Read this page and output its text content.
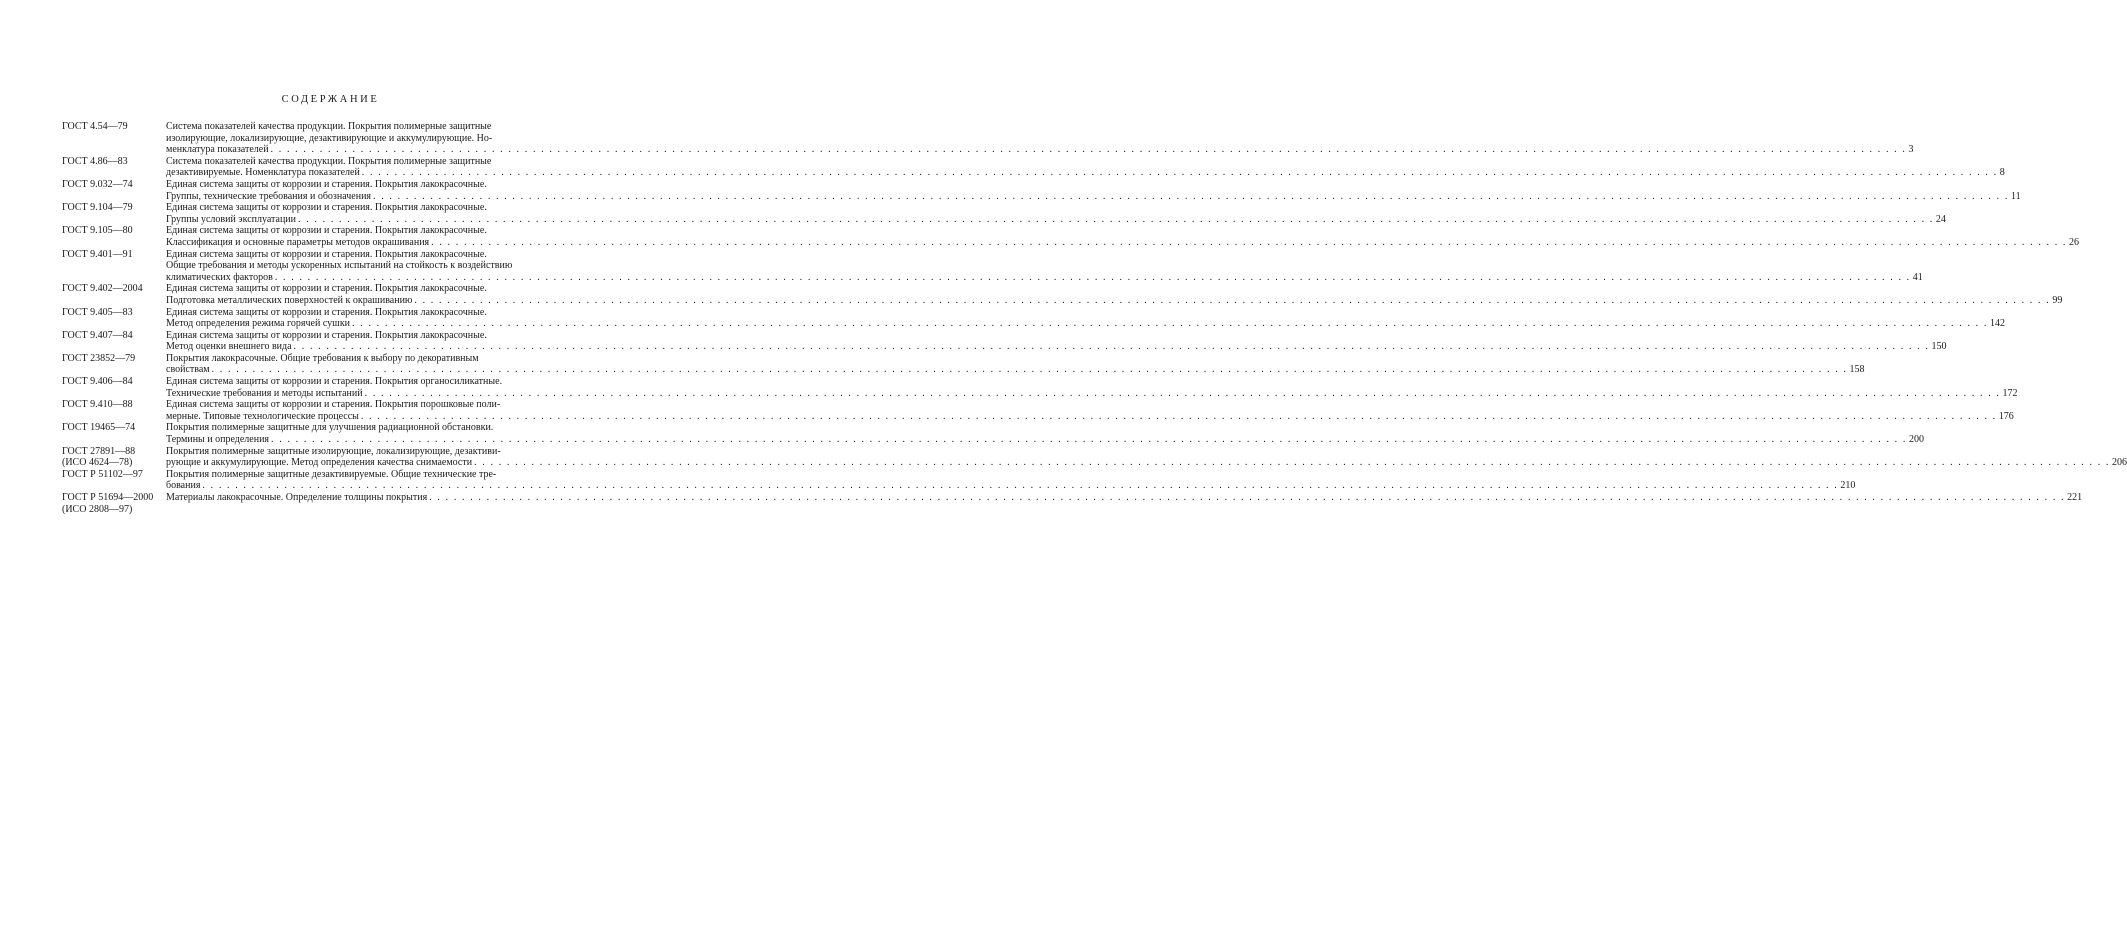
СОДЕРЖАНИЕ
ГОСТ 4.54—79	Система показателей качества продукции. Покрытия полимерные защитные
изолирующие, локализирующие, дезактивирующие и аккумулирующие. Но-
менклатура показателей . . . . . . . . . . . . . . . . . . . . . . . . . . . . . . . . . . . . . . . . . . . . . . . . . . . . . . . . . . . . . . . . . . . . . . . . . . . . . . . . . . . . . . . . . . . . . . . . . . . . . . . . . . . . . . . . . . . . . . . . . . . . . . . . . . . . . . . . . . . . . . . . . . . . . . . . . . . . . . . . . . . . . . . . . . . . . . . . . . . . . . . . . . . . . . . . . . . . . . . . 3
ГОСТ 4.86—83	Система показателей качества продукции. Покрытия полимерные защитные
дезактивируемые. Номенклатура показателей . . . . . . . . . . . . . . . . . . . . . . . . . . . . . . . . . . . . . . . . . . . . . . . . . . . . . . . . . . . . . . . . . . . . . . . . . . . . . . . . . . . . . . . . . . . . . . . . . . . . . . . . . . . . . . . . . . . . . . . . . . . . . . . . . . . . . . . . . . . . . . . . . . . . . . . . . . . . . . . . . . . . . . . . . . . . . . . . . . . . . . . . . . . . . . . . . . . . . . . . 8
ГОСТ 9.032—74	Единая система защиты от коррозии и старения. Покрытия лакокрасочные.
Группы, технические требования и обозначения . . . . . . . . . . . . . . . . . . . . . . . . . . . . . . . . . . . . . . . . . . . . . . . . . . . . . . . . . . . . . . . . . . . . . . . . . . . . . . . . . . . . . . . . . . . . . . . . . . . . . . . . . . . . . . . . . . . . . . . . . . . . . . . . . . . . . . . . . . . . . . . . . . . . . . . . . . . . . . . . . . . . . . . . . . . . . . . . . . . . . . . . . . . . . . . . . . . . . . . . 11
ГОСТ 9.104—79	Единая система защиты от коррозии и старения. Покрытия лакокрасочные.
Группы условий эксплуатации . . . . . . . . . . . . . . . . . . . . . . . . . . . . . . . . . . . . . . . . . . . . . . . . . . . . . . . . . . . . . . . . . . . . . . . . . . . . . . . . . . . . . . . . . . . . . . . . . . . . . . . . . . . . . . . . . . . . . . . . . . . . . . . . . . . . . . . . . . . . . . . . . . . . . . . . . . . . . . . . . . . . . . . . . . . . . . . . . . . . . . . . . . . . . . . . . . . . . . . . 24
ГОСТ 9.105—80	Единая система защиты от коррозии и старения. Покрытия лакокрасочные.
Классификация и основные параметры методов окрашивания . . . . . . . . . . . . . . . . . . . . . . . . . . . . . . . . . . . . . . . . . . . . . . . . . . . . . . . . . . . . . . . . . . . . . . . . . . . . . . . . . . . . . . . . . . . . . . . . . . . . . . . . . . . . . . . . . . . . . . . . . . . . . . . . . . . . . . . . . . . . . . . . . . . . . . . . . . . . . . . . . . . . . . . . . . . . . . . . . . . . . . . . . . . . . . . . . . . . . . . . 26
ГОСТ 9.401—91	Единая система защиты от коррозии и старения. Покрытия лакокрасочные.
Общие требования и методы ускоренных испытаний на стойкость к воздействию
климатических факторов . . . . . . . . . . . . . . . . . . . . . . . . . . . . . . . . . . . . . . . . . . . . . . . . . . . . . . . . . . . . . . . . . . . . . . . . . . . . . . . . . . . . . . . . . . . . . . . . . . . . . . . . . . . . . . . . . . . . . . . . . . . . . . . . . . . . . . . . . . . . . . . . . . . . . . . . . . . . . . . . . . . . . . . . . . . . . . . . . . . . . . . . . . . . . . . . . . . . . . . . 41
ГОСТ 9.402—2004	Единая система защиты от коррозии и старения. Покрытия лакокрасочные.
Подготовка металлических поверхностей к окрашиванию . . . . . . . . . . . . . . . . . . . . . . . . . . . . . . . . . . . . . . . . . . . . . . . . . . . . . . . . . . . . . . . . . . . . . . . . . . . . . . . . . . . . . . . . . . . . . . . . . . . . . . . . . . . . . . . . . . . . . . . . . . . . . . . . . . . . . . . . . . . . . . . . . . . . . . . . . . . . . . . . . . . . . . . . . . . . . . . . . . . . . . . . . . . . . . . . . . . . . . . . 99
ГОСТ 9.405—83	Единая система защиты от коррозии и старения. Покрытия лакокрасочные.
Метод определения режима горячей сушки . . . . . . . . . . . . . . . . . . . . . . . . . . . . . . . . . . . . . . . . . . . . . . . . . . . . . . . . . . . . . . . . . . . . . . . . . . . . . . . . . . . . . . . . . . . . . . . . . . . . . . . . . . . . . . . . . . . . . . . . . . . . . . . . . . . . . . . . . . . . . . . . . . . . . . . . . . . . . . . . . . . . . . . . . . . . . . . . . . . . . . . . . . . . . . . . . . . . . . . . 142
ГОСТ 9.407—84	Единая система защиты от коррозии и старения. Покрытия лакокрасочные.
Метод оценки внешнего вида . . . . . . . . . . . . . . . . . . . . . . . . . . . . . . . . . . . . . . . . . . . . . . . . . . . . . . . . . . . . . . . . . . . . . . . . . . . . . . . . . . . . . . . . . . . . . . . . . . . . . . . . . . . . . . . . . . . . . . . . . . . . . . . . . . . . . . . . . . . . . . . . . . . . . . . . . . . . . . . . . . . . . . . . . . . . . . . . . . . . . . . . . . . . . . . . . . . . . . . . 150
ГОСТ 23852—79	Покрытия лакокрасочные. Общие требования к выбору по декоративным
свойствам . . . . . . . . . . . . . . . . . . . . . . . . . . . . . . . . . . . . . . . . . . . . . . . . . . . . . . . . . . . . . . . . . . . . . . . . . . . . . . . . . . . . . . . . . . . . . . . . . . . . . . . . . . . . . . . . . . . . . . . . . . . . . . . . . . . . . . . . . . . . . . . . . . . . . . . . . . . . . . . . . . . . . . . . . . . . . . . . . . . . . . . . . . . . . . . . . . . . . . . . 158
ГОСТ 9.406—84	Единая система защиты от коррозии и старения. Покрытия органосиликатные.
Технические требования и методы испытаний . . . . . . . . . . . . . . . . . . . . . . . . . . . . . . . . . . . . . . . . . . . . . . . . . . . . . . . . . . . . . . . . . . . . . . . . . . . . . . . . . . . . . . . . . . . . . . . . . . . . . . . . . . . . . . . . . . . . . . . . . . . . . . . . . . . . . . . . . . . . . . . . . . . . . . . . . . . . . . . . . . . . . . . . . . . . . . . . . . . . . . . . . . . . . . . . . . . . . . . . 172
ГОСТ 9.410—88	Единая система защиты от коррозии и старения. Покрытия порошковые поли-
мерные. Типовые технологические процессы . . . . . . . . . . . . . . . . . . . . . . . . . . . . . . . . . . . . . . . . . . . . . . . . . . . . . . . . . . . . . . . . . . . . . . . . . . . . . . . . . . . . . . . . . . . . . . . . . . . . . . . . . . . . . . . . . . . . . . . . . . . . . . . . . . . . . . . . . . . . . . . . . . . . . . . . . . . . . . . . . . . . . . . . . . . . . . . . . . . . . . . . . . . . . . . . . . . . . . . . 176
ГОСТ 19465—74	Покрытия полимерные защитные для улучшения радиационной обстановки.
Термины и определения . . . . . . . . . . . . . . . . . . . . . . . . . . . . . . . . . . . . . . . . . . . . . . . . . . . . . . . . . . . . . . . . . . . . . . . . . . . . . . . . . . . . . . . . . . . . . . . . . . . . . . . . . . . . . . . . . . . . . . . . . . . . . . . . . . . . . . . . . . . . . . . . . . . . . . . . . . . . . . . . . . . . . . . . . . . . . . . . . . . . . . . . . . . . . . . . . . . . . . . . 200
ГОСТ 27891—88
(ИСО 4624—78)
Покрытия полимерные защитные изолирующие, локализирующие, дезактиви-
рующие и аккумулирующие. Метод определения качества снимаемости . . . . . . . . . . . . . . . . . . . . . . . . . . . . . . . . . . . . . . . . . . . . . . . . . . . . . . . . . . . . . . . . . . . . . . . . . . . . . . . . . . . . . . . . . . . . . . . . . . . . . . . . . . . . . . . . . . . . . . . . . . . . . . . . . . . . . . . . . . . . . . . . . . . . . . . . . . . . . . . . . . . . . . . . . . . . . . . . . . . . . . . . . . . . . . . . . . . . . . . . 206
ГОСТ Р 51102—97	Покрытия полимерные защитные дезактивируемые. Общие технические тре-
бования . . . . . . . . . . . . . . . . . . . . . . . . . . . . . . . . . . . . . . . . . . . . . . . . . . . . . . . . . . . . . . . . . . . . . . . . . . . . . . . . . . . . . . . . . . . . . . . . . . . . . . . . . . . . . . . . . . . . . . . . . . . . . . . . . . . . . . . . . . . . . . . . . . . . . . . . . . . . . . . . . . . . . . . . . . . . . . . . . . . . . . . . . . . . . . . . . . . . . . . . 210
ГОСТ Р 51694—2000
(ИСО 2808—97)
Материалы лакокрасочные. Определение толщины покрытия . . . . . . . . . . . . . . . . . . . . . . . . . . . . . . . . . . . . . . . . . . . . . . . . . . . . . . . . . . . . . . . . . . . . . . . . . . . . . . . . . . . . . . . . . . . . . . . . . . . . . . . . . . . . . . . . . . . . . . . . . . . . . . . . . . . . . . . . . . . . . . . . . . . . . . . . . . . . . . . . . . . . . . . . . . . . . . . . . . . . . . . . . . . . . . . . . . . . . . . . 221
